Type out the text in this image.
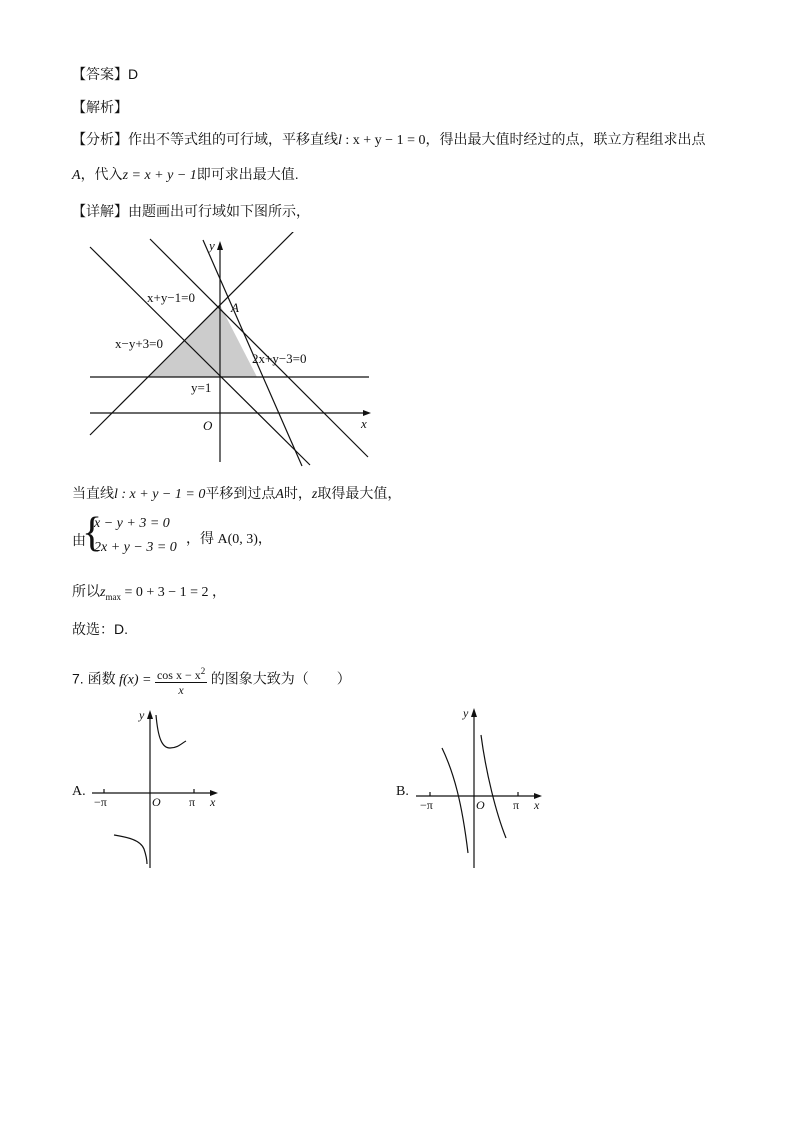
【答案】D
【解析】
【分析】作出不等式组的可行域，平移直线l : x + y − 1 = 0，得出最大值时经过的点，联立方程组求出点
A，代入z = x + y − 1即可求出最大值.
【详解】由题画出可行域如下图所示，
y
x
O
A
x+y−1=0
x−y+3=0
2x+y−3=0
y=1
当直线l : x + y − 1 = 0平移到过点A时，z取得最大值，
由
{
x − y + 3 = 0
2x + y − 3 = 0
，得 A(0, 3)，
所以$z_{max} = 0 + 3 - 1 = 2$ ，
故选：D.
7. 函数 $f(x) = \frac{\cos x - x^2}{x}$ 的图象大致为（　　）
A.
y
x
O
−π	π
B.
y
x
O
−π	π
